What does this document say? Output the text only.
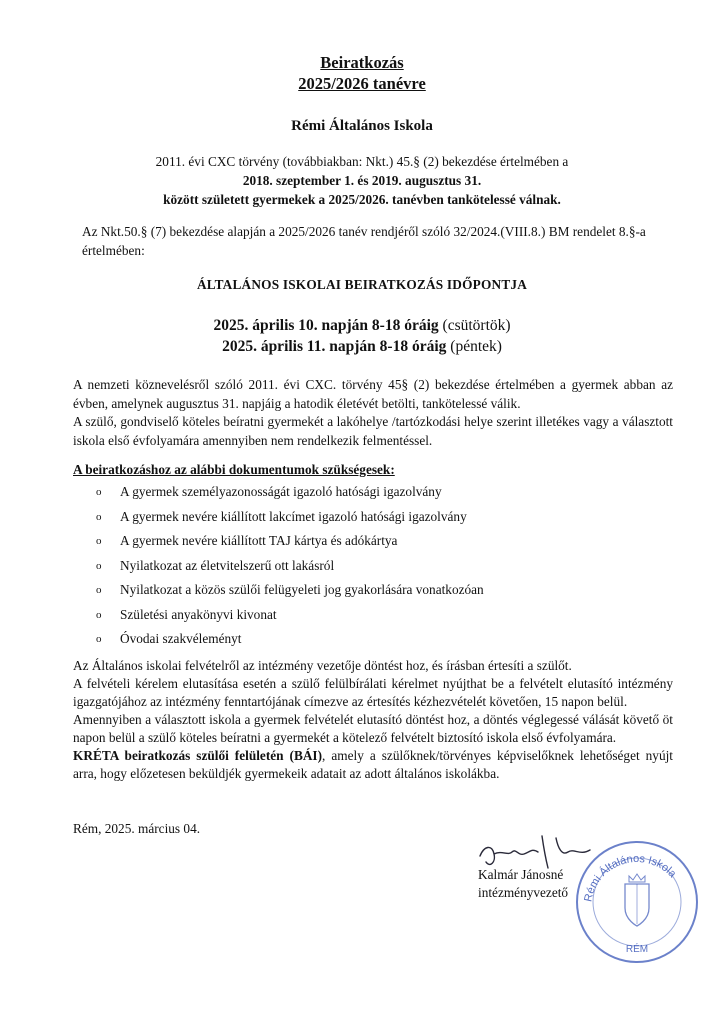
Beiratkozás
2025/2026 tanévre
Rémi Általános Iskola
2011. évi CXC törvény (továbbiakban: Nkt.) 45.§ (2) bekezdése értelmében a
2018. szeptember 1. és 2019. augusztus 31.
között született gyermekek a 2025/2026. tanévben tankötelessé válnak.
Az Nkt.50.§ (7) bekezdése alapján a 2025/2026 tanév rendjéről szóló 32/2024.(VIII.8.) BM rendelet 8.§-a értelmében:
ÁLTALÁNOS ISKOLAI BEIRATKOZÁS IDŐPONTJA
2025. április 10. napján 8-18 óráig (csütörtök)
2025. április 11. napján 8-18 óráig (péntek)
A nemzeti köznevelésről szóló 2011. évi CXC. törvény 45§ (2) bekezdése értelmében a gyermek abban az évben, amelynek augusztus 31. napjáig a hatodik életévét betölti, tankötelessé válik.
A szülő, gondviselő köteles beíratni gyermekét a lakóhelye /tartózkodási helye szerint illetékes vagy a választott iskola első évfolyamára amennyiben nem rendelkezik felmentéssel.
A beiratkozáshoz az alábbi dokumentumok szükségesek:
o	A gyermek személyazonosságát igazoló hatósági igazolvány
o	A gyermek nevére kiállított lakcímet igazoló hatósági igazolvány
o	A gyermek nevére kiállított TAJ kártya és adókártya
o	Nyilatkozat az életvitelszerű ott lakásról
o	Nyilatkozat a közös szülői felügyeleti jog gyakorlására vonatkozóan
o	Születési anyakönyvi kivonat
o	Óvodai szakvéleményt

Az Általános iskolai felvételről az intézmény vezetője döntést hoz, és írásban értesíti a szülőt.

A felvételi kérelem elutasítása esetén a szülő felülbírálati kérelmet nyújthat be a felvételt elutasító intézmény igazgatójához az intézmény fenntartójának címezve az értesítés kézhezvételét követően, 15 napon belül.

Amennyiben a választott iskola a gyermek felvételét elutasító döntést hoz, a döntés véglegessé válását követő öt napon belül a szülő köteles beíratni a gyermekét a kötelező felvételt biztosító iskola első évfolyamára.

KRÉTA beiratkozás szülői felületén (BÁI), amely a szülőknek/törvényes képviselőknek lehetőséget nyújt arra, hogy előzetesen beküldjék gyermekeik adatait az adott általános iskolákba.

Rém, 2025. március 04.
Kalmár Jánosné
intézményvezető Rémi Általános Iskola
RÉM
